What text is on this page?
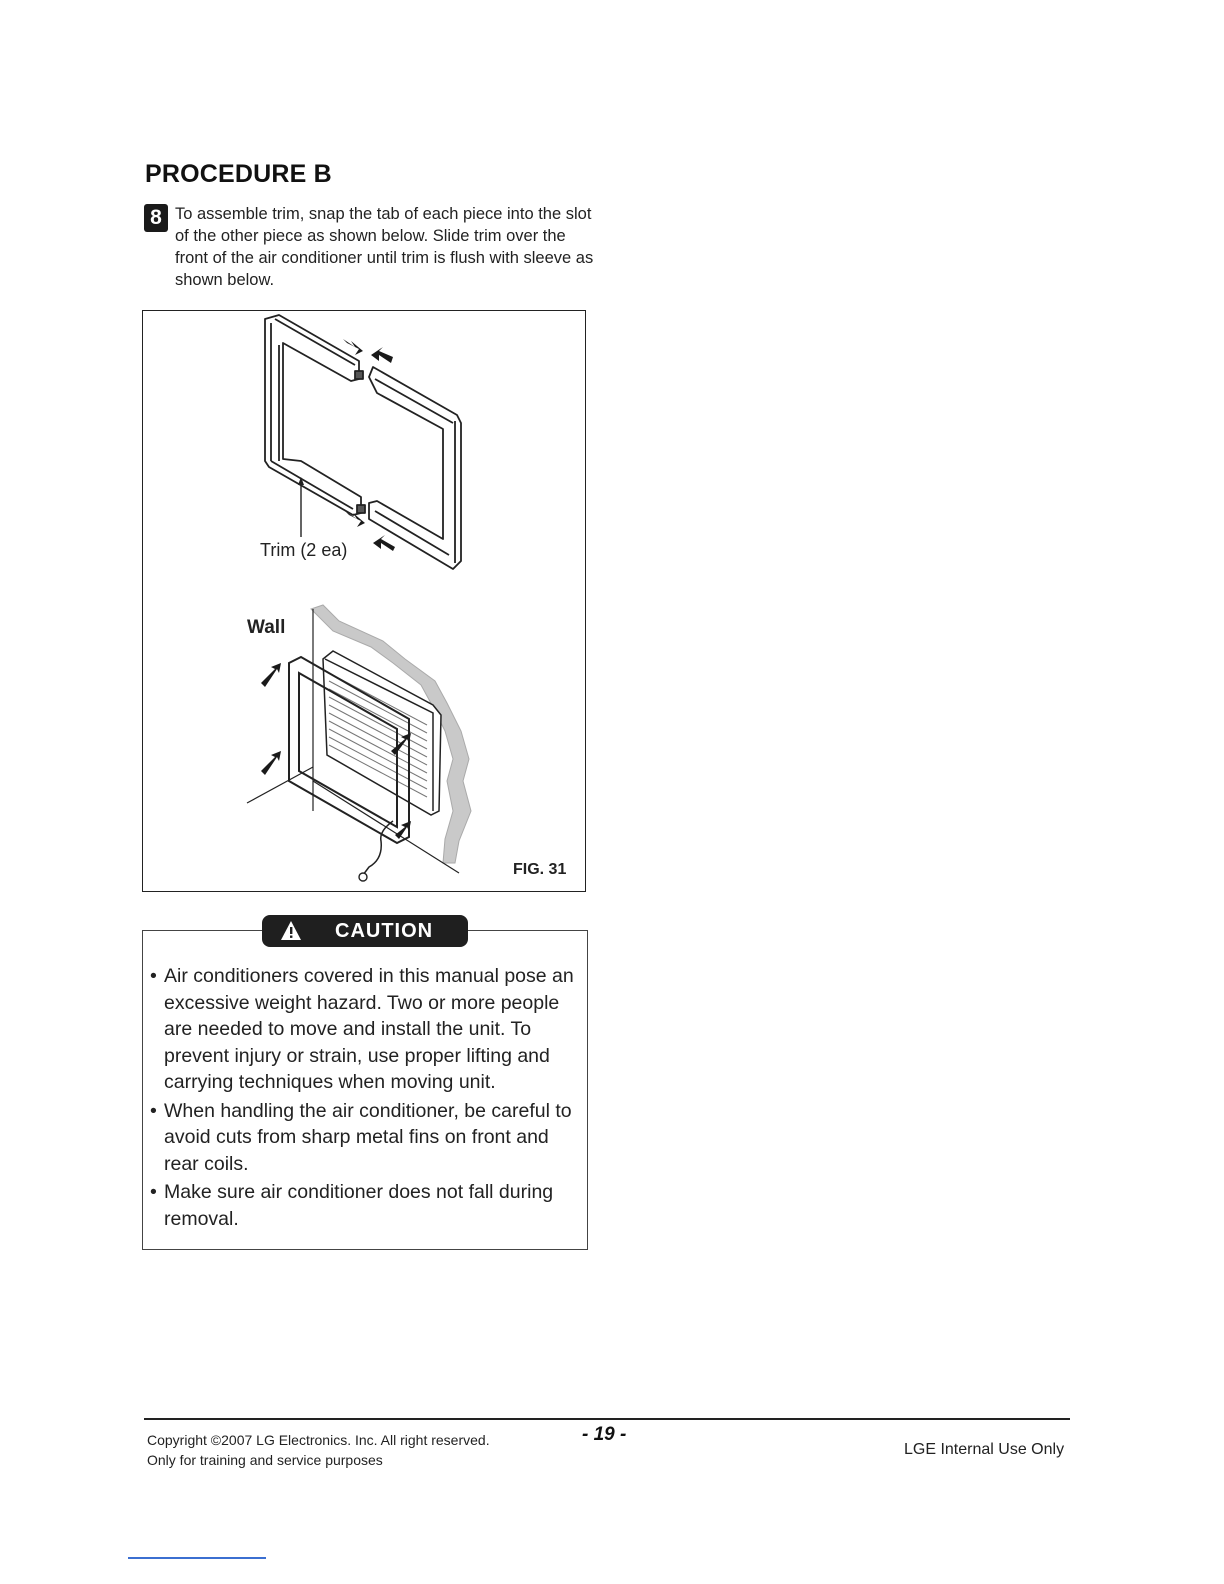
PROCEDURE B
8 To assemble trim, snap the tab of each piece into the slot of the other piece as shown below. Slide trim over the front of the air conditioner until trim is flush with sleeve as shown below.
Trim (2 ea)
Wall
FIG. 31
CAUTION
• Air conditioners covered in this manual pose an excessive weight hazard. Two or more people are needed to move and install the unit. To prevent injury or strain, use proper lifting and carrying techniques when moving unit.
• When handling the air conditioner, be careful to avoid cuts from sharp metal fins on front and rear coils.
• Make sure air conditioner does not fall during removal.
Copyright ©2007 LG Electronics. Inc. All right reserved.
Only for training and service purposes
- 19 -
LGE Internal Use Only
